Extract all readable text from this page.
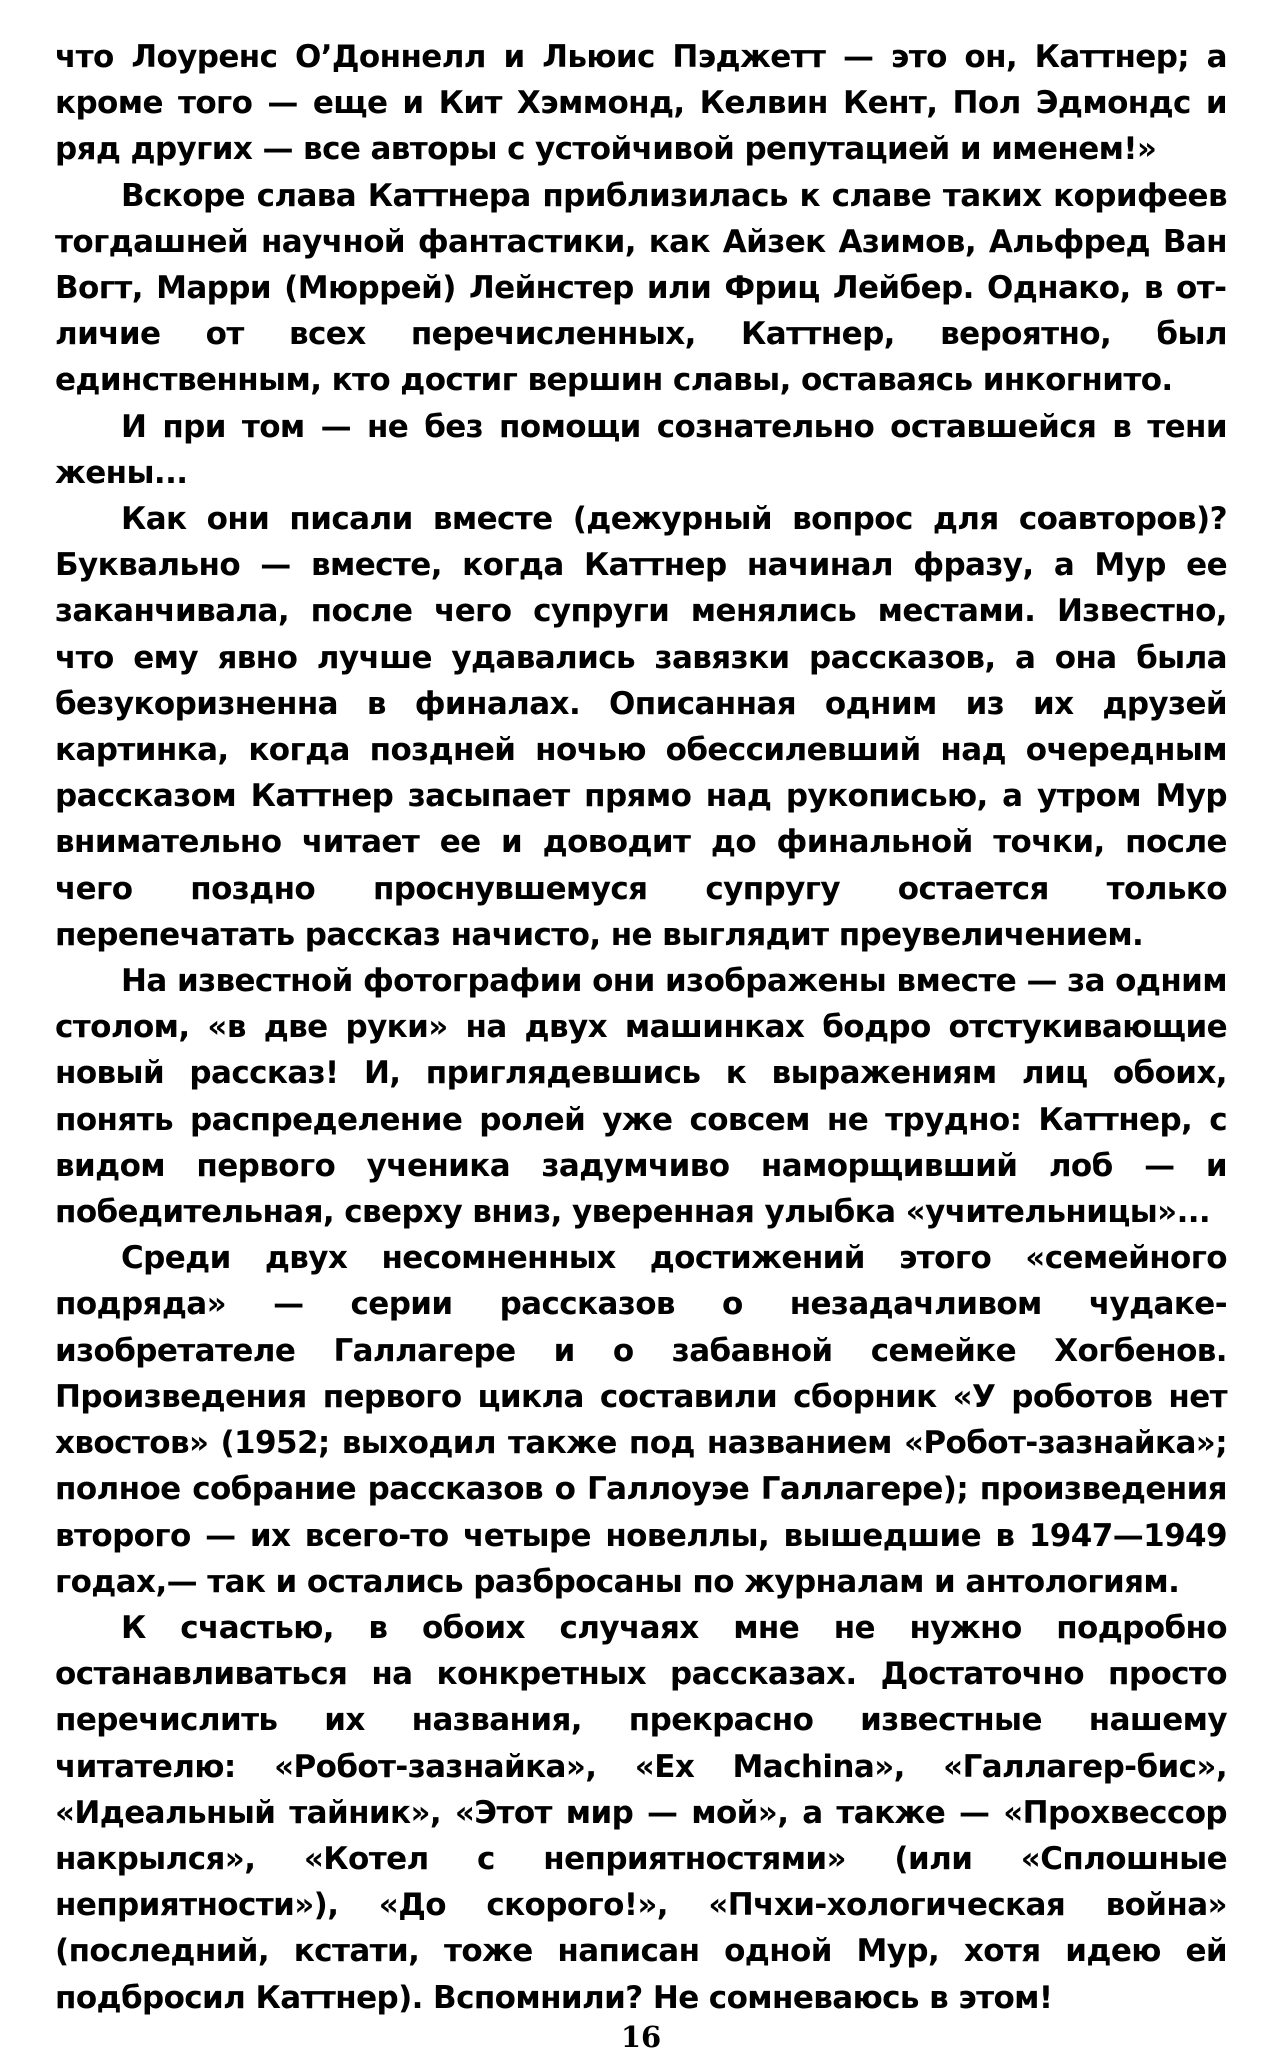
что Лоуренс О’Доннелл и Льюис Пэджетт — это он, Каттнер; а кроме того — еще и Кит Хэммонд, Келвин Кент, Пол Эдмондс и ряд других — все авторы с устойчивой репутацией и именем!»

Вскоре слава Каттнера приблизилась к славе таких корифеев тогдашней научной фантастики, как Айзек Азимов, Альфред Ван Вогт, Марри (Мюррей) Лейнстер или Фриц Лейбер. Однако, в отличие от всех перечисленных, Каттнер, вероятно, был единственным, кто достиг вершин славы, оставаясь инкогнито.

И при том — не без помощи сознательно оставшейся в тени жены...

Как они писали вместе (дежурный вопрос для соавторов)? Буквально — вместе, когда Каттнер начинал фразу, а Мур ее заканчивала, после чего супруги менялись местами. Известно, что ему явно лучше удавались завязки рассказов, а она была безукоризненна в финалах. Описанная одним из их друзей картинка, когда поздней ночью обессилевший над очередным рассказом Каттнер засыпает прямо над рукописью, а утром Мур внимательно читает ее и доводит до финальной точки, после чего поздно проснувшемуся супругу остается только перепечатать рассказ начисто, не выглядит преувеличением.

На известной фотографии они изображены вместе — за одним столом, «в две руки» на двух машинках бодро отстукивающие новый рассказ! И, приглядевшись к выражениям лиц обоих, понять распределение ролей уже совсем не трудно: Каттнер, с видом первого ученика задумчиво наморщивший лоб — и победительная, сверху вниз, уверенная улыбка «учительницы»...

Среди двух несомненных достижений этого «семейного подряда» — серии рассказов о незадачливом чудаке-изобретателе Галлагере и о забавной семейке Хогбенов. Произведения первого цикла составили сборник «У роботов нет хвостов» (1952; выходил также под названием «Робот-зазнайка»; полное собрание рассказов о Галлоуэе Галлагере); произведения второго — их всего-то четыре новеллы, вышедшие в 1947—1949 годах,— так и остались разбросаны по журналам и антологиям.

К счастью, в обоих случаях мне не нужно подробно останавливаться на конкретных рассказах. Достаточно просто перечислить их названия, прекрасно известные нашему читателю: «Робот-зазнайка», «Ex Machina», «Галлагер-бис», «Идеальный тайник», «Этот мир — мой», а также — «Прохвессор накрылся», «Котел с неприятностями» (или «Сплошные неприятности»), «До скорого!», «Пчхи-хологическая война» (последний, кстати, тоже написан одной Мур, хотя идею ей подбросил Каттнер). Вспомнили? Не сомневаюсь в этом!

16
